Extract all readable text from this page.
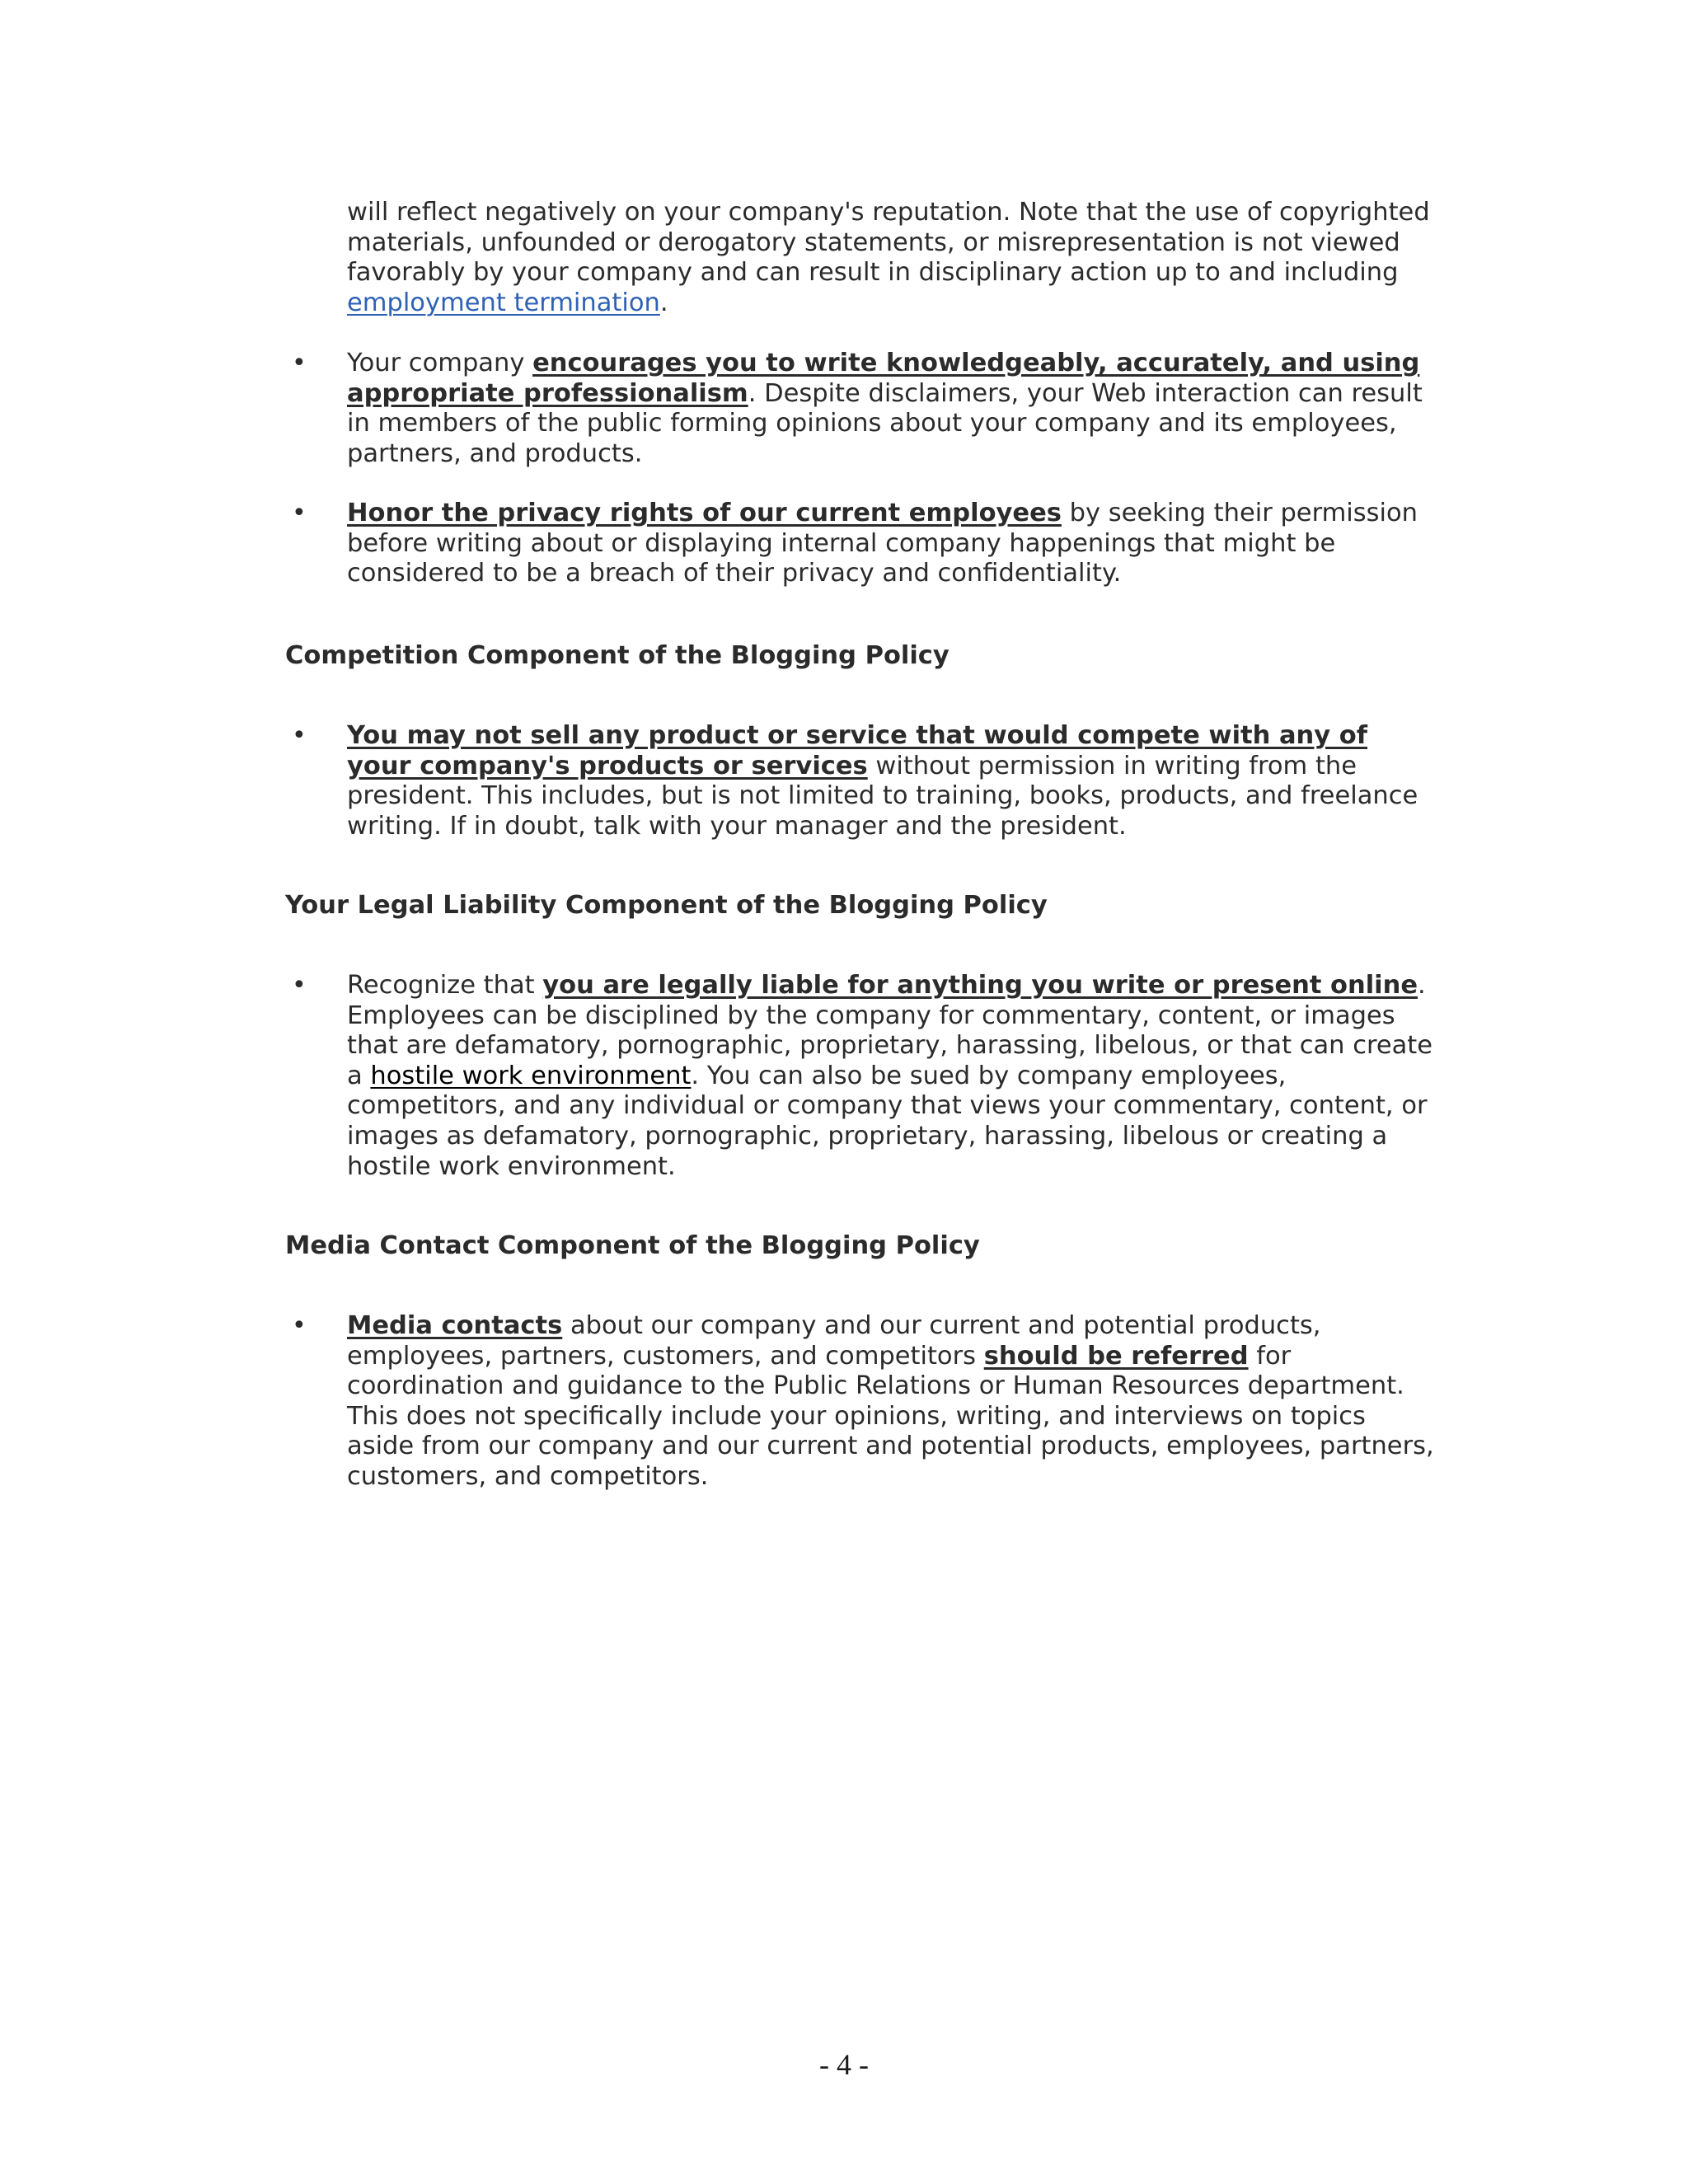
will reflect negatively on your company's reputation. Note that the use of copyrighted materials, unfounded or derogatory statements, or misrepresentation is not viewed favorably by your company and can result in disciplinary action up to and including employment termination.
• Your company encourages you to write knowledgeably, accurately, and using appropriate professionalism. Despite disclaimers, your Web interaction can result in members of the public forming opinions about your company and its employees, partners, and products.
• Honor the privacy rights of our current employees by seeking their permission before writing about or displaying internal company happenings that might be considered to be a breach of their privacy and confidentiality.
Competition Component of the Blogging Policy
• You may not sell any product or service that would compete with any of your company's products or services without permission in writing from the president. This includes, but is not limited to training, books, products, and freelance writing. If in doubt, talk with your manager and the president.
Your Legal Liability Component of the Blogging Policy
• Recognize that you are legally liable for anything you write or present online. Employees can be disciplined by the company for commentary, content, or images that are defamatory, pornographic, proprietary, harassing, libelous, or that can create a hostile work environment. You can also be sued by company employees, competitors, and any individual or company that views your commentary, content, or images as defamatory, pornographic, proprietary, harassing, libelous or creating a hostile work environment.
Media Contact Component of the Blogging Policy
• Media contacts about our company and our current and potential products, employees, partners, customers, and competitors should be referred for coordination and guidance to the Public Relations or Human Resources department. This does not specifically include your opinions, writing, and interviews on topics aside from our company and our current and potential products, employees, partners, customers, and competitors.
- 4 -
